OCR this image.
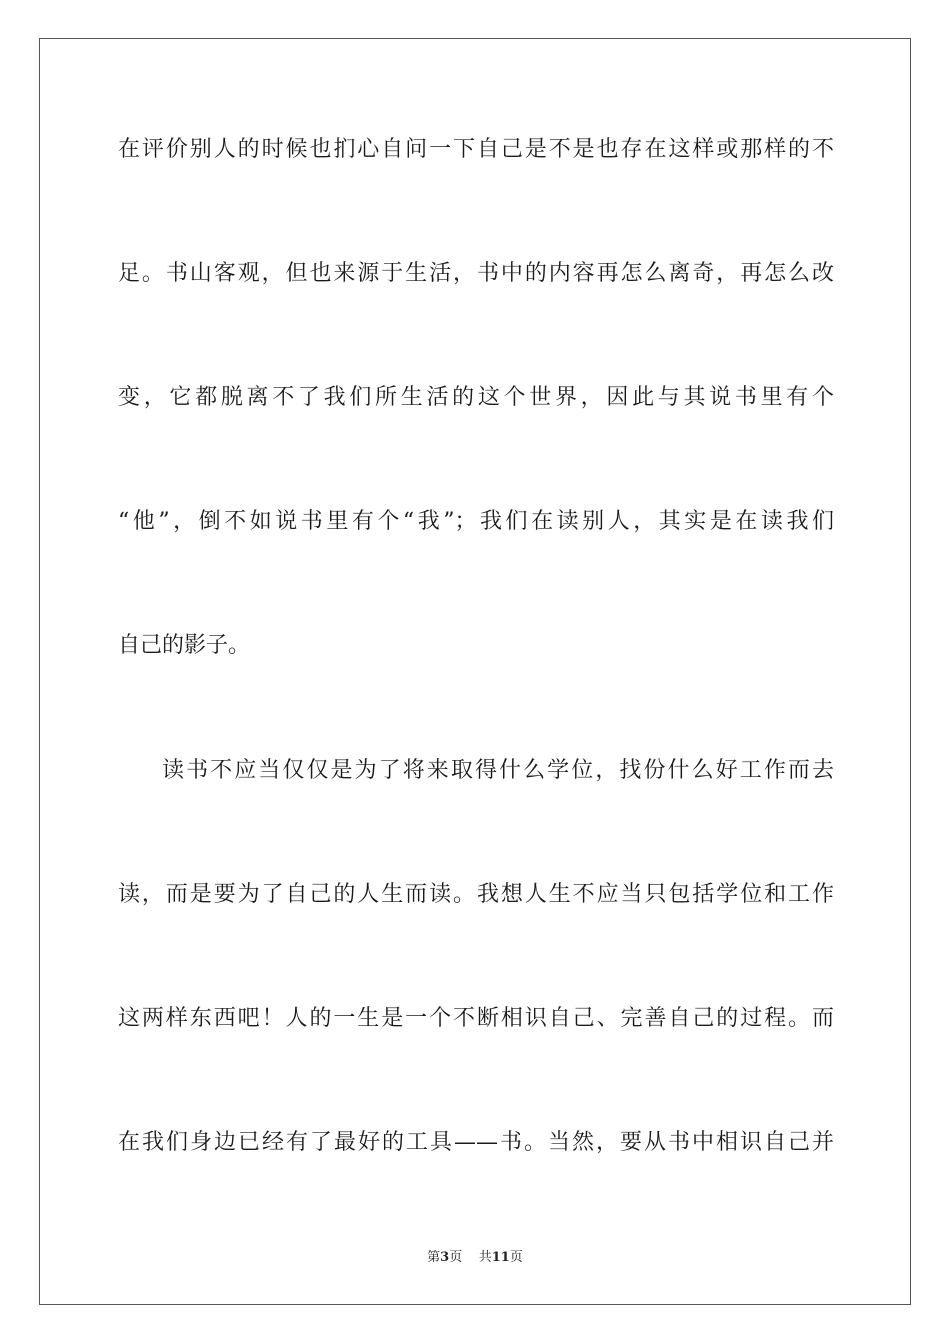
在评价别人的时候也扪心自问一下自己是不是也存在这样或那样的不
足。书山客观，但也来源于生活，书中的内容再怎么离奇，再怎么改
变，它都脱离不了我们所生活的这个世界，因此与其说书里有个
“他”，倒不如说书里有个“我”；我们在读别人，其实是在读我们
自己的影子。
读书不应当仅仅是为了将来取得什么学位，找份什么好工作而去
读，而是要为了自己的人生而读。我想人生不应当只包括学位和工作
这两样东西吧！人的一生是一个不断相识自己、完善自己的过程。而
在我们身边已经有了最好的工具——书。当然，要从书中相识自己并
第3页 共11页
